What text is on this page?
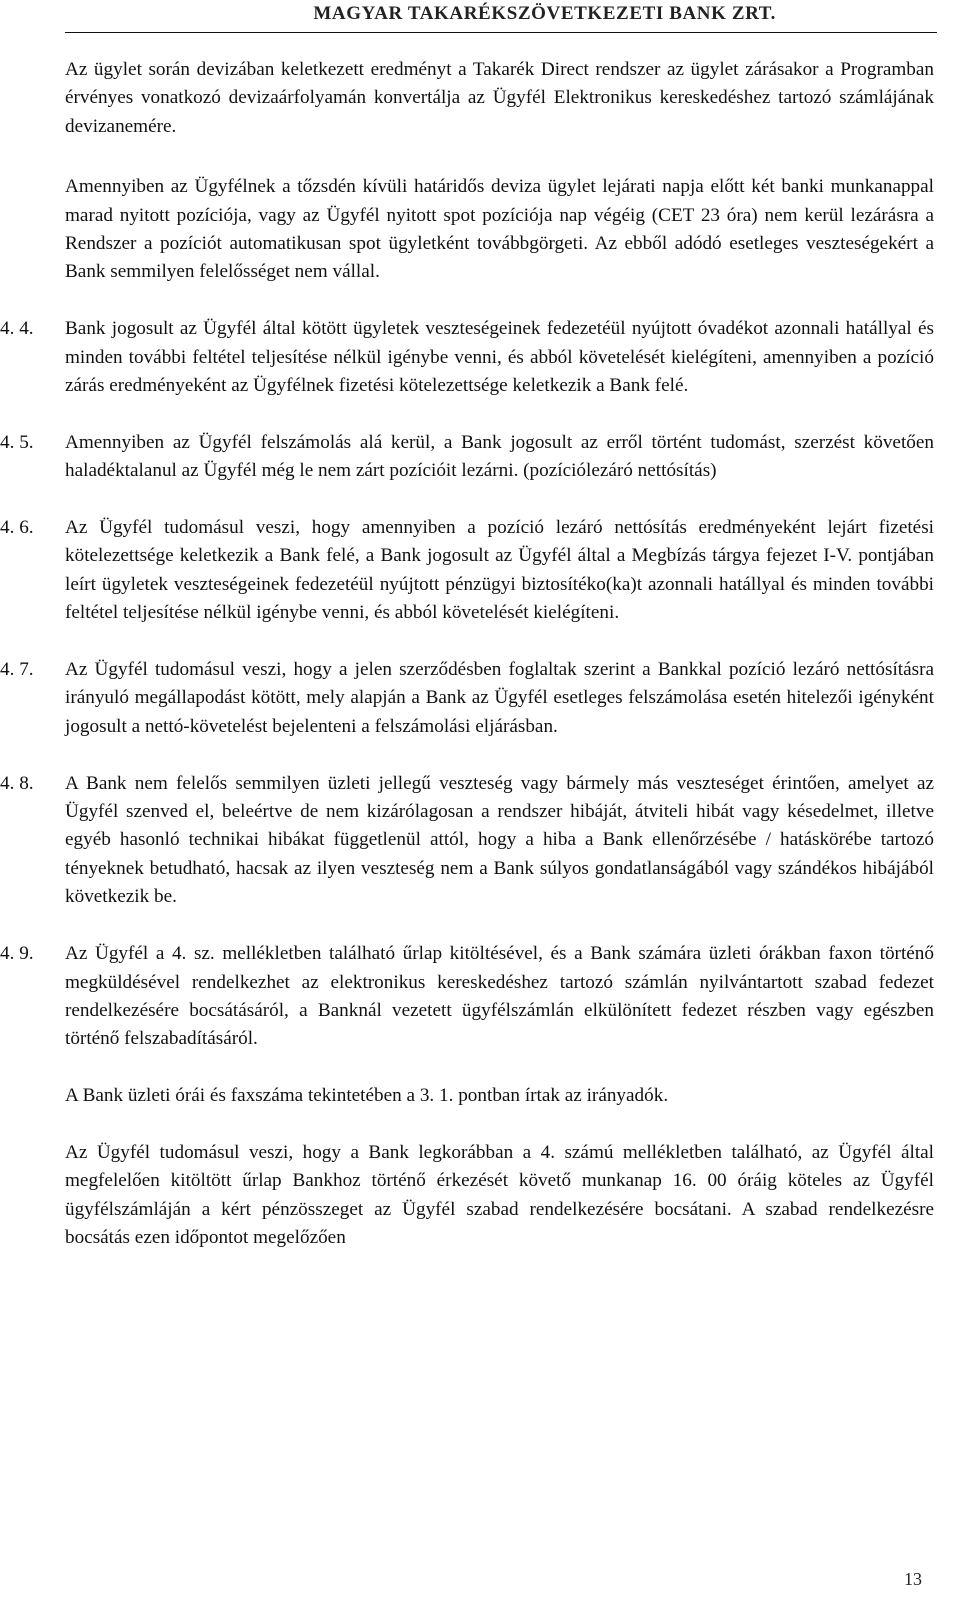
MAGYAR TAKARÉKSZÖVETKEZETI BANK ZRT.

Az ügylet során devizában keletkezett eredményt a Takarék Direct rendszer az ügylet zárásakor a Programban érvényes vonatkozó devizaárfolyamán konvertálja az Ügyfél Elektronikus kereskedéshez tartozó számlájának devizanemére.

Amennyiben az Ügyfélnek a tőzsdén kívüli határidős deviza ügylet lejárati napja előtt két banki munkanappal marad nyitott pozíciója, vagy az Ügyfél nyitott spot pozíciója nap végéig (CET 23 óra) nem kerül lezárásra a Rendszer a pozíciót automatikusan spot ügyletként továbbgörgeti. Az ebből adódó esetleges veszteségekért a Bank semmilyen felelősséget nem vállal.

4. 4.	Bank jogosult az Ügyfél által kötött ügyletek veszteségeinek fedezetéül nyújtott óvadékot azonnali hatállyal és minden további feltétel teljesítése nélkül igénybe venni, és abból követelését kielégíteni, amennyiben a pozíció zárás eredményeként az Ügyfélnek fizetési kötelezettsége keletkezik a Bank felé.
4. 5.	Amennyiben az Ügyfél felszámolás alá kerül, a Bank jogosult az erről történt tudomást, szerzést követően haladéktalanul az Ügyfél még le nem zárt pozícióit lezárni. (pozíciólezáró nettósítás)
4. 6.	Az Ügyfél tudomásul veszi, hogy amennyiben a pozíció lezáró nettósítás eredményeként lejárt fizetési kötelezettsége keletkezik a Bank felé, a Bank jogosult az Ügyfél által a Megbízás tárgya fejezet I-V. pontjában leírt ügyletek veszteségeinek fedezetéül nyújtott pénzügyi biztosítéko(ka)t azonnali hatállyal és minden további feltétel teljesítése nélkül igénybe venni, és abból követelését kielégíteni.
4. 7.	Az Ügyfél tudomásul veszi, hogy a jelen szerződésben foglaltak szerint a Bankkal pozíció lezáró nettósításra irányuló megállapodást kötött, mely alapján a Bank az Ügyfél esetleges felszámolása esetén hitelezői igényként jogosult a nettó-követelést bejelenteni a felszámolási eljárásban.
4. 8.	A Bank nem felelős semmilyen üzleti jellegű veszteség vagy bármely más veszteséget érintően, amelyet az Ügyfél szenved el, beleértve de nem kizárólagosan a rendszer hibáját, átviteli hibát vagy késedelmet, illetve egyéb hasonló technikai hibákat függetlenül attól, hogy a hiba a Bank ellenőrzésébe / hatáskörébe tartozó tényeknek betudható, hacsak az ilyen veszteség nem a Bank súlyos gondatlanságából vagy szándékos hibájából következik be.
4. 9.	Az Ügyfél a 4. sz. mellékletben található űrlap kitöltésével, és a Bank számára üzleti órákban faxon történő megküldésével rendelkezhet az elektronikus kereskedéshez tartozó számlán nyilvántartott szabad fedezet rendelkezésére bocsátásáról, a Banknál vezetett ügyfélszámlán elkülönített fedezet részben vagy egészben történő felszabadításáról.

A Bank üzleti órái és faxszáma tekintetében a 3. 1. pontban írtak az irányadók.

Az Ügyfél tudomásul veszi, hogy a Bank legkorábban a 4. számú mellékletben található, az Ügyfél által megfelelően kitöltött űrlap Bankhoz történő érkezését követő munkanap 16. 00 óráig köteles az Ügyfél ügyfélszámláján a kért pénzösszeget az Ügyfél szabad rendelkezésére bocsátani. A szabad rendelkezésre bocsátás ezen időpontot megelőzően

13
